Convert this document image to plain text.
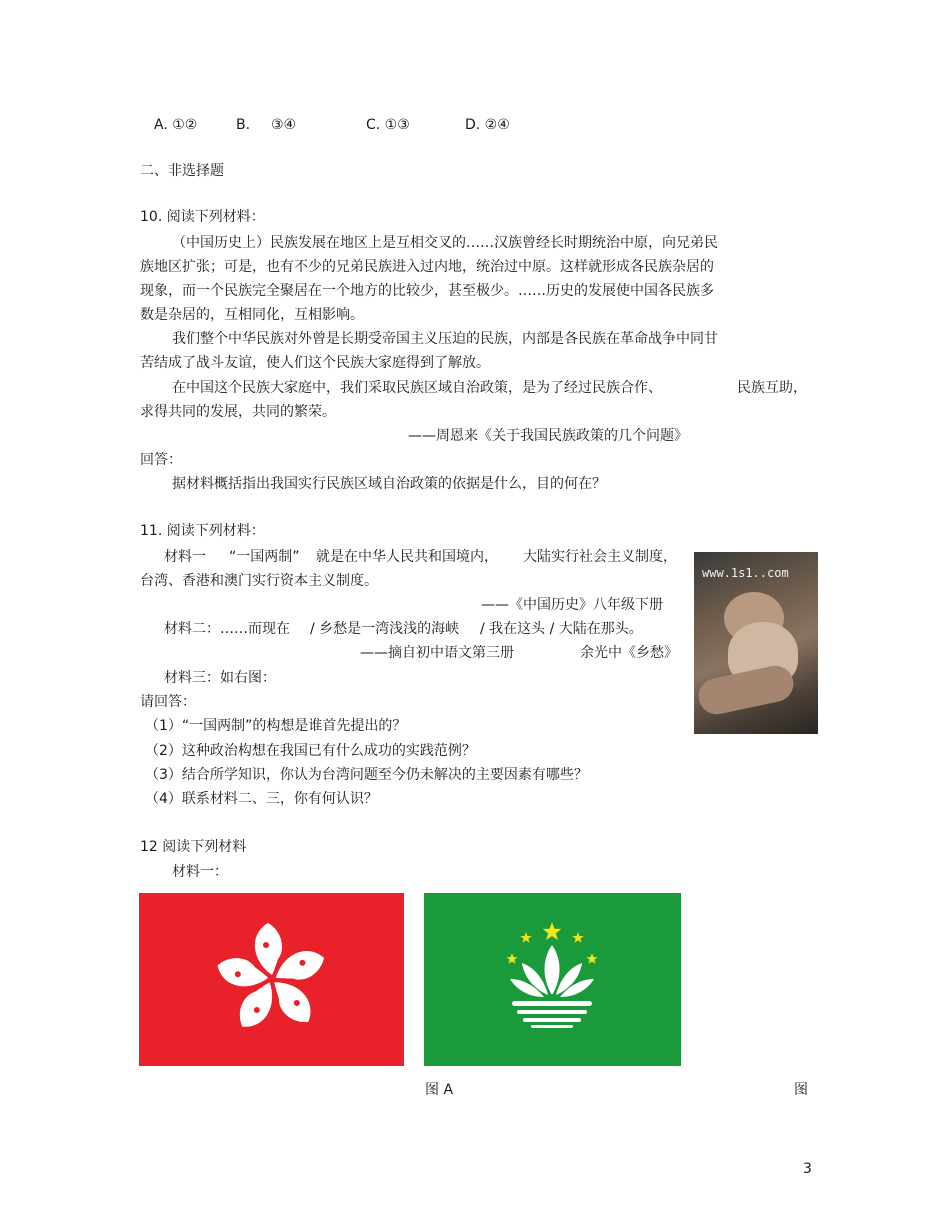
A. ①②	B. ③④	C. ①③	D. ②④
二、非选择题
10. 阅读下列材料：
（中国历史上）民族发展在地区上是互相交叉的……汉族曾经长时期统治中原，向兄弟民
族地区扩张；可是，也有不少的兄弟民族进入过内地，统治过中原。这样就形成各民族杂居的
现象，而一个民族完全聚居在一个地方的比较少，甚至极少。……历史的发展使中国各民族多
数是杂居的，互相同化，互相影响。
我们整个中华民族对外曾是长期受帝国主义压迫的民族，内部是各民族在革命战争中同甘
苦结成了战斗友谊，使人们这个民族大家庭得到了解放。
在中国这个民族大家庭中，我们采取民族区域自治政策，是为了经过民族合作、	民族互助，
求得共同的发展，共同的繁荣。
——周恩来《关于我国民族政策的几个问题》
回答：
据材料概括指出我国实行民族区域自治政策的依据是什么，目的何在？
11. 阅读下列材料：
材料一 “一国两制” 就是在中华人民共和国境内， 大陆实行社会主义制度，
台湾、香港和澳门实行资本主义制度。
——《中国历史》八年级下册
材料二：……而现在 / 乡愁是一湾浅浅的海峡 / 我在这头 / 大陆在那头。
——摘自初中语文第三册	余光中《乡愁》
材料三：如右图：
请回答：
（1）“一国两制”的构想是谁首先提出的？
（2）这种政治构想在我国已有什么成功的实践范例？
（3）结合所学知识，你认为台湾问题至今仍未解决的主要因素有哪些？
（4）联系材料二、三，你有何认识？
www.1s1..com
12 阅读下列材料
材料一：
图 A	图
3
